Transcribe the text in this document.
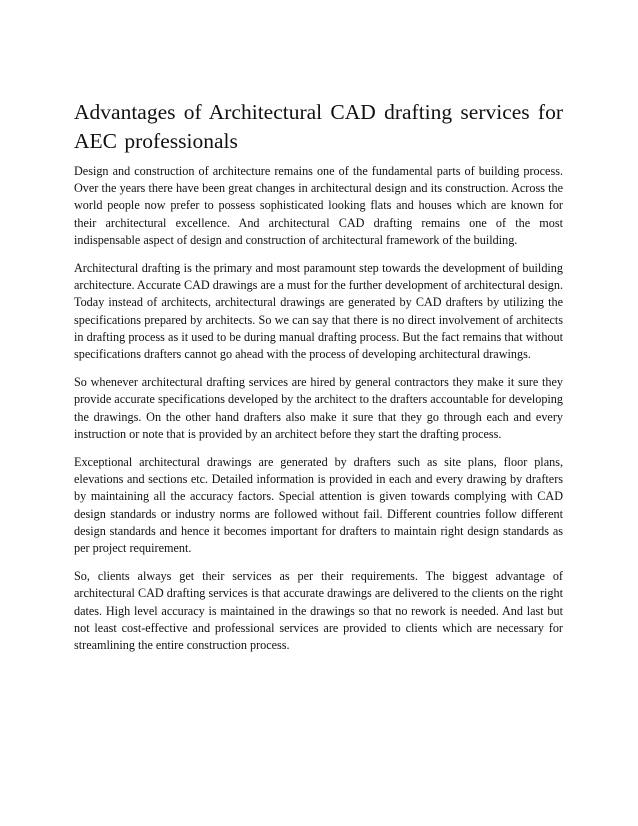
Advantages of Architectural CAD drafting services for AEC professionals

Design and construction of architecture remains one of the fundamental parts of building process. Over the years there have been great changes in architectural design and its construction. Across the world people now prefer to possess sophisticated looking flats and houses which are known for their architectural excellence. And architectural CAD drafting remains one of the most indispensable aspect of design and construction of architectural framework of the building.

Architectural drafting is the primary and most paramount step towards the development of building architecture. Accurate CAD drawings are a must for the further development of architectural design. Today instead of architects, architectural drawings are generated by CAD drafters by utilizing the specifications prepared by architects. So we can say that there is no direct involvement of architects in drafting process as it used to be during manual drafting process. But the fact remains that without specifications drafters cannot go ahead with the process of developing architectural drawings.

So whenever architectural drafting services are hired by general contractors they make it sure they provide accurate specifications developed by the architect to the drafters accountable for developing the drawings. On the other hand drafters also make it sure that they go through each and every instruction or note that is provided by an architect before they start the drafting process.

Exceptional architectural drawings are generated by drafters such as site plans, floor plans, elevations and sections etc. Detailed information is provided in each and every drawing by drafters by maintaining all the accuracy factors. Special attention is given towards complying with CAD design standards or industry norms are followed without fail. Different countries follow different design standards and hence it becomes important for drafters to maintain right design standards as per project requirement.

So, clients always get their services as per their requirements. The biggest advantage of architectural CAD drafting services is that accurate drawings are delivered to the clients on the right dates. High level accuracy is maintained in the drawings so that no rework is needed. And last but not least cost-effective and professional services are provided to clients which are necessary for streamlining the entire construction process.
